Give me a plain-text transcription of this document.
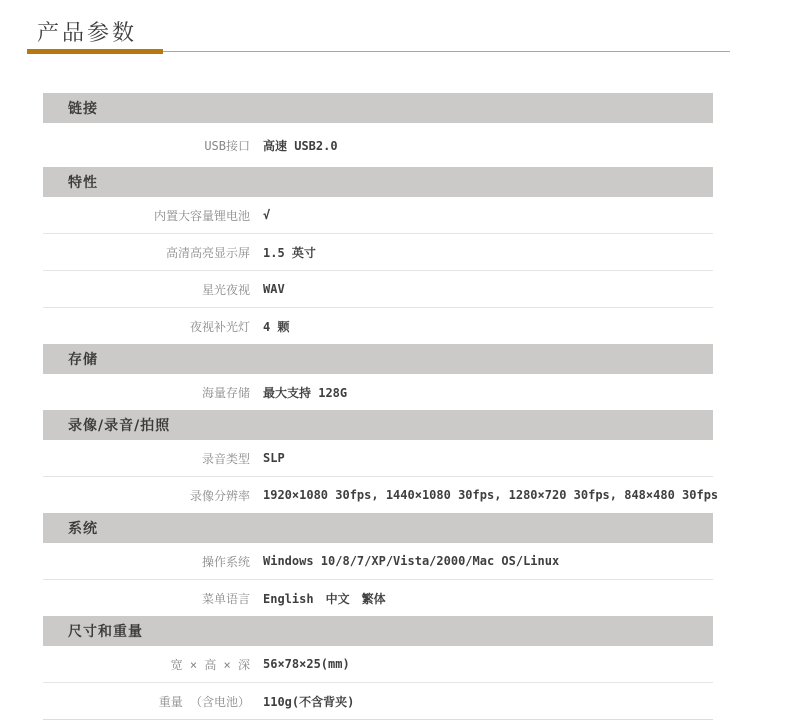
产品参数
链接
USB接口	高速 USB2.0
特性
内置大容量锂电池	√
高清高亮显示屏	1.5 英寸
星光夜视	WAV
夜视补光灯	4 颗
存储
海量存储	最大支持 128G
录像/录音/拍照
录音类型	SLP
录像分辨率	1920×1080 30fps, 1440×1080 30fps, 1280×720 30fps, 848×480 30fps
系统
操作系统	Windows 10/8/7/XP/Vista/2000/Mac OS/Linux
菜单语言	English　中文　繁体
尺寸和重量
宽 × 高 × 深	56×78×25(mm)
重量 （含电池）	110g(不含背夹)
